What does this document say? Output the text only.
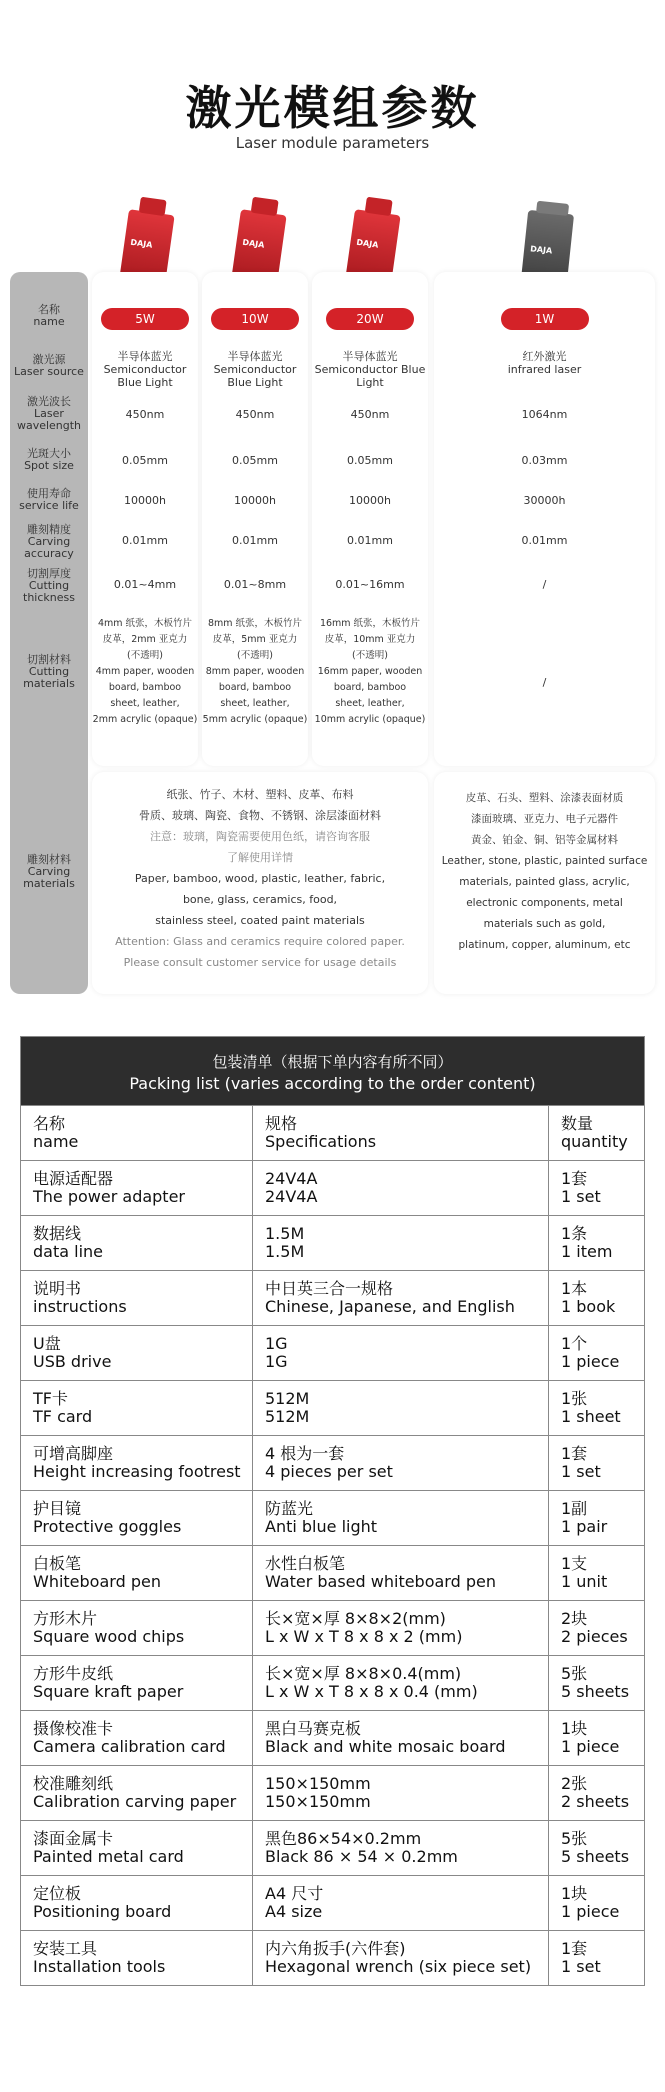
激光模组参数
Laser module parameters
DAJA	DAJA	DAJA
DAJA
名称
name
激光源
Laser source
激光波长
Laser wavelength
光斑大小
Spot size
使用寿命
service life
雕刻精度
Carving accuracy
切割厚度
Cutting thickness
切割材料
Cutting materials
雕刻材料
Carving materials
5W
半导体蓝光
Semiconductor Blue Light
450nm
0.05mm
10000h
0.01mm
0.01~4mm
4mm 纸张，木板竹片
皮革，2mm 亚克力
(不透明)
4mm paper, wooden
board, bamboo
sheet, leather,
2mm acrylic (opaque)
10W
半导体蓝光
Semiconductor Blue Light
450nm
0.05mm
10000h
0.01mm
0.01~8mm
8mm 纸张，木板竹片
皮革，5mm 亚克力
(不透明)
8mm paper, wooden
board, bamboo
sheet, leather,
5mm acrylic (opaque)
20W
半导体蓝光
Semiconductor Blue Light
450nm
0.05mm
10000h
0.01mm
0.01~16mm
16mm 纸张，木板竹片
皮革，10mm 亚克力
(不透明)
16mm paper, wooden
board, bamboo
sheet, leather,
10mm acrylic (opaque)
1W
红外激光
infrared laser
1064nm
0.03mm
30000h
0.01mm
/
/
纸张、竹子、木材、塑料、皮革、布料
骨质、玻璃、陶瓷、食物、不锈钢、涂层漆面材料
注意：玻璃，陶瓷需要使用色纸，请咨询客服
了解使用详情
Paper, bamboo, wood, plastic, leather, fabric,
bone, glass, ceramics, food,
stainless steel, coated paint materials
Attention: Glass and ceramics require colored paper.
Please consult customer service for usage details
皮革、石头、塑料、涂漆表面材质
漆面玻璃、亚克力、电子元器件
黄金、铂金、铜、铝等金属材料
Leather, stone, plastic, painted surface
materials, painted glass, acrylic,
electronic components, metal
materials such as gold,
platinum, copper, aluminum, etc
包装清单（根据下单内容有所不同）
Packing list (varies according to the order content)
名称
name
规格
Specifications
数量
quantity
电源适配器
The power adapter
24V4A
24V4A
1套
1 set
数据线
data line
1.5M
1.5M
1条
1 item
说明书
instructions
中日英三合一规格
Chinese, Japanese, and English
1本
1 book
U盘
USB drive
1G
1G
1个
1 piece
TF卡
TF card
512M
512M
1张
1 sheet
可增高脚座
Height increasing footrest
4 根为一套
4 pieces per set
1套
1 set
护目镜
Protective goggles
防蓝光
Anti blue light
1副
1 pair
白板笔
Whiteboard pen
水性白板笔
Water based whiteboard pen
1支
1 unit
方形木片
Square wood chips
长×宽×厚 8×8×2(mm)
L x W x T 8 x 8 x 2 (mm)
2块
2 pieces
方形牛皮纸
Square kraft paper
长×宽×厚 8×8×0.4(mm)
L x W x T 8 x 8 x 0.4 (mm)
5张
5 sheets
摄像校准卡
Camera calibration card
黑白马赛克板
Black and white mosaic board
1块
1 piece
校准雕刻纸
Calibration carving paper
150×150mm
150×150mm
2张
2 sheets
漆面金属卡
Painted metal card
黑色86×54×0.2mm
Black 86 × 54 × 0.2mm
5张
5 sheets
定位板
Positioning board
A4 尺寸
A4 size
1块
1 piece
安装工具
Installation tools
内六角扳手(六件套)
Hexagonal wrench (six piece set)
1套
1 set
